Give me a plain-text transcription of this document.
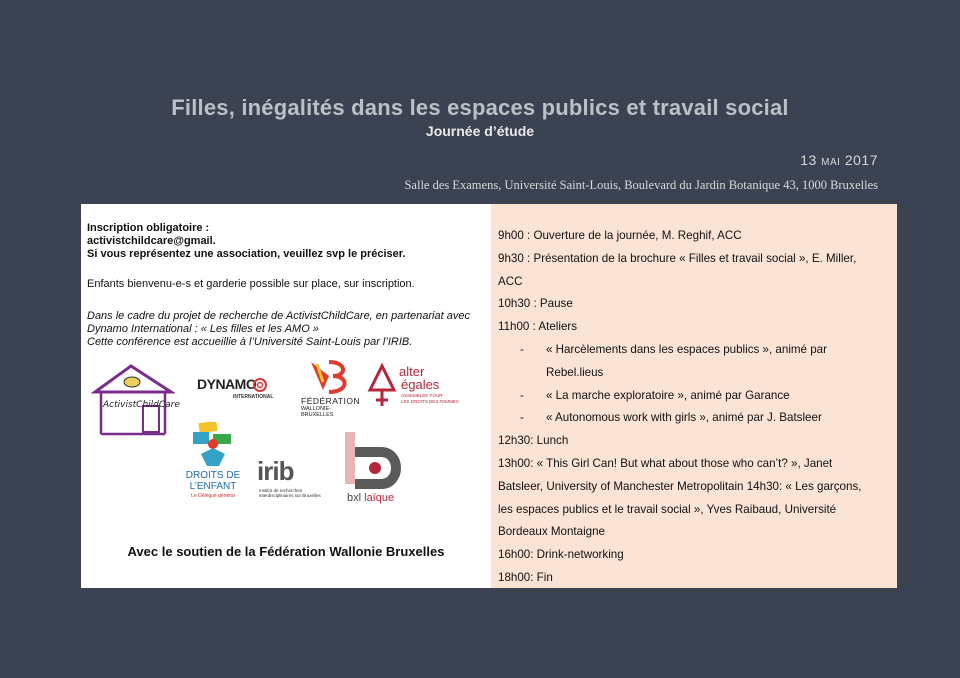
Filles, inégalités dans les espaces publics et travail social
Journée d’étude
13 mai 2017
Salle des Examens, Université Saint-Louis, Boulevard du Jardin Botanique 43, 1000 Bruxelles
Inscription obligatoire :
activistchildcare@gmail.
Si vous représentez une association, veuillez svp le préciser.
Enfants bienvenu-e-s et garderie possible sur place, sur inscription.
Dans le cadre du projet de recherche de ActivistChildCare, en partenariat avec
Dynamo International : « Les filles et les AMO »
Cette conférence est accueillie à l’Université Saint-Louis par l’IRIB.
ActivistChildCare
DYNAMO
INTERNATIONAL	FÉDÉRATION
WALLONIE-BRUXELLES
alter
égales
ASSEMBLÉE POUR
LES DROITS DES FEMMES
DROITS DE
L’ENFANT
Le Délégué général
irib
Institut de recherches
interdisciplinaires sur Bruxelles bxl laïque
Avec le soutien de la Fédération Wallonie Bruxelles
9h00 : Ouverture de la journée, M. Reghif, ACC
9h30 : Présentation de la brochure « Filles et travail social », E. Miller,
ACC
10h30 : Pause
11h00 : Ateliers
- « Harcèlements dans les espaces publics », animé par
Rebel.lieus
- « La marche exploratoire », animé par Garance
- « Autonomous work with girls », animé par J. Batsleer
12h30: Lunch
13h00: « This Girl Can! But what about those who can’t? », Janet
Batsleer, University of Manchester Metropolitain 14h30: « Les garçons,
les espaces publics et le travail social », Yves Raibaud, Université
Bordeaux Montaigne
16h00: Drink-networking
18h00: Fin
